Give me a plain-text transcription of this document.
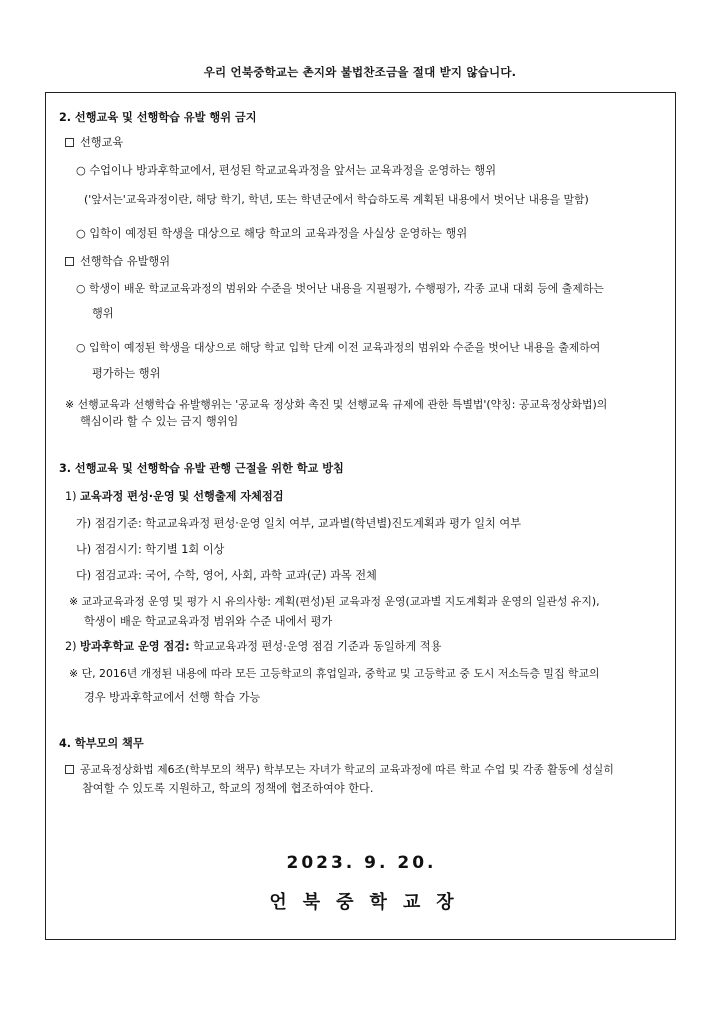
우리 언북중학교는 촌지와 불법찬조금을 절대 받지 않습니다.
2. 선행교육 및 선행학습 유발 행위 금지
선행교육
○ 수업이나 방과후학교에서, 편성된 학교교육과정을 앞서는 교육과정을 운영하는 행위
('앞서는'교육과정이란, 해당 학기, 학년, 또는 학년군에서 학습하도록 계획된 내용에서 벗어난 내용을 말함)
○ 입학이 예정된 학생을 대상으로 해당 학교의 교육과정을 사실상 운영하는 행위
선행학습 유발행위
○ 학생이 배운 학교교육과정의 범위와 수준을 벗어난 내용을 지필평가, 수행평가, 각종 교내 대회 등에 출제하는
행위
○ 입학이 예정된 학생을 대상으로 해당 학교 입학 단계 이전 교육과정의 범위와 수준을 벗어난 내용을 출제하여
평가하는 행위
※ 선행교육과 선행학습 유발행위는 '공교육 정상화 촉진 및 선행교육 규제에 관한 특별법'(약칭: 공교육정상화법)의
핵심이라 할 수 있는 금지 행위임
3. 선행교육 및 선행학습 유발 관행 근절을 위한 학교 방침
1) 교육과정 편성·운영 및 선행출제 자체점검
가) 점검기준: 학교교육과정 편성·운영 일치 여부, 교과별(학년별)진도계획과 평가 일치 여부
나) 점검시기: 학기별 1회 이상
다) 점검교과: 국어, 수학, 영어, 사회, 과학 교과(군) 과목 전체
※ 교과교육과정 운영 및 평가 시 유의사항: 계획(편성)된 교육과정 운영(교과별 지도계획과 운영의 일관성 유지),
학생이 배운 학교교육과정 범위와 수준 내에서 평가
2) 방과후학교 운영 점검: 학교교육과정 편성·운영 점검 기준과 동일하게 적용
※ 단, 2016년 개정된 내용에 따라 모든 고등학교의 휴업일과, 중학교 및 고등학교 중 도시 저소득층 밀집 학교의
경우 방과후학교에서 선행 학습 가능
4. 학부모의 책무
공교육정상화법 제6조(학부모의 책무) 학부모는 자녀가 학교의 교육과정에 따른 학교 수업 및 각종 활동에 성실히
참여할 수 있도록 지원하고, 학교의 정책에 협조하여야 한다.
2023. 9. 20.
언북중학교장
